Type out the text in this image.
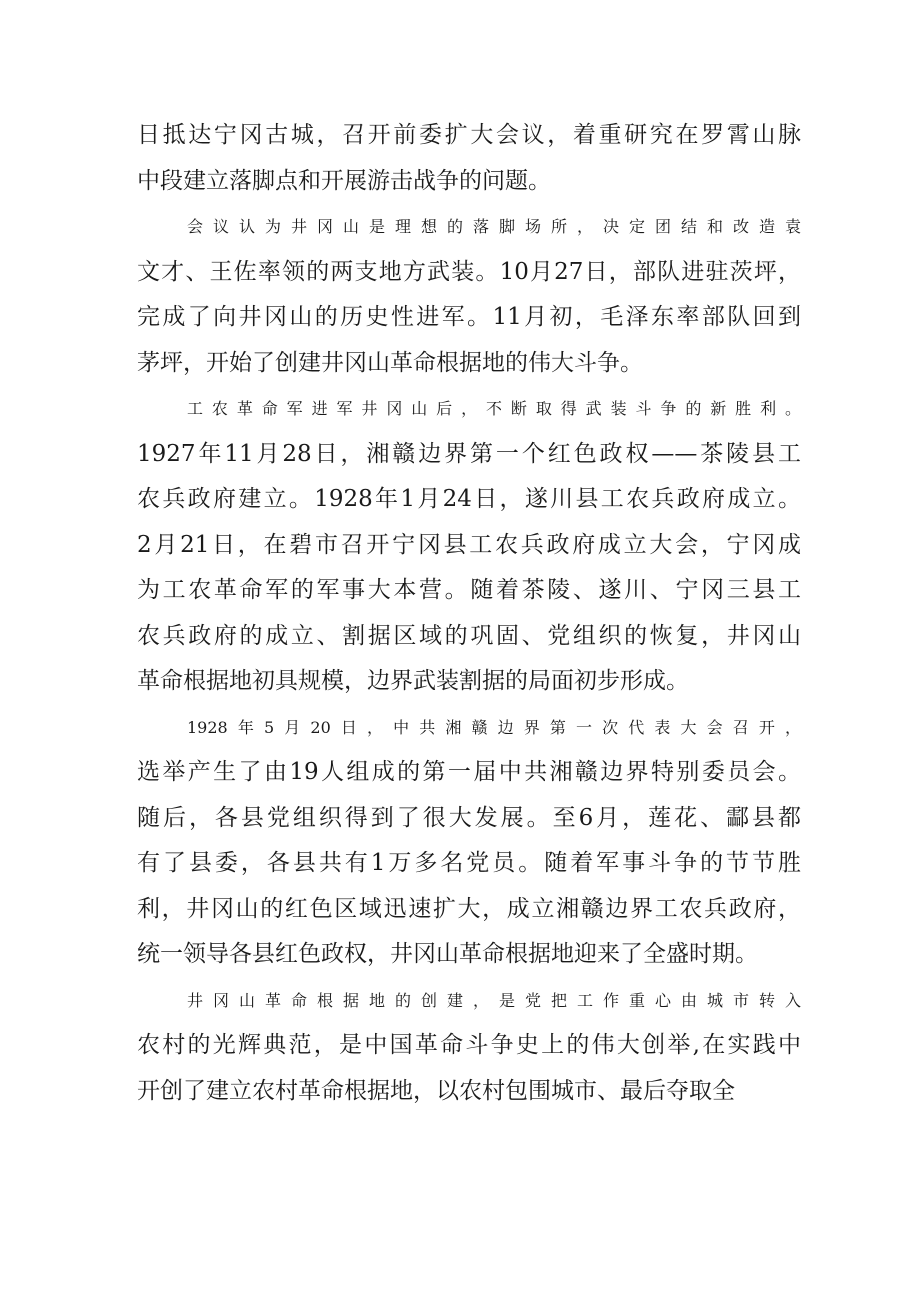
日抵达宁冈古城，召开前委扩大会议，着重研究在罗霄山脉
中段建立落脚点和开展游击战争的问题。
会议认为井冈山是理想的落脚场所，决定团结和改造袁
文才、王佐率领的两支地方武装。10月27日，部队进驻茨坪，
完成了向井冈山的历史性进军。11月初，毛泽东率部队回到
茅坪，开始了创建井冈山革命根据地的伟大斗争。
工农革命军进军井冈山后，不断取得武装斗争的新胜利。
1927年11月28日，湘赣边界第一个红色政权——茶陵县工
农兵政府建立。1928年1月24日，遂川县工农兵政府成立。
2月21日，在碧市召开宁冈县工农兵政府成立大会，宁冈成
为工农革命军的军事大本营。随着茶陵、遂川、宁冈三县工
农兵政府的成立、割据区域的巩固、党组织的恢复，井冈山
革命根据地初具规模，边界武装割据的局面初步形成。
1928年5月20日，中共湘赣边界第一次代表大会召开，
选举产生了由19人组成的第一届中共湘赣边界特别委员会。
随后，各县党组织得到了很大发展。至6月，莲花、酃县都
有了县委，各县共有1万多名党员。随着军事斗争的节节胜
利，井冈山的红色区域迅速扩大，成立湘赣边界工农兵政府，
统一领导各县红色政权，井冈山革命根据地迎来了全盛时期。
井冈山革命根据地的创建，是党把工作重心由城市转入
农村的光辉典范，是中国革命斗争史上的伟大创举,在实践中
开创了建立农村革命根据地，以农村包围城市、最后夺取全
